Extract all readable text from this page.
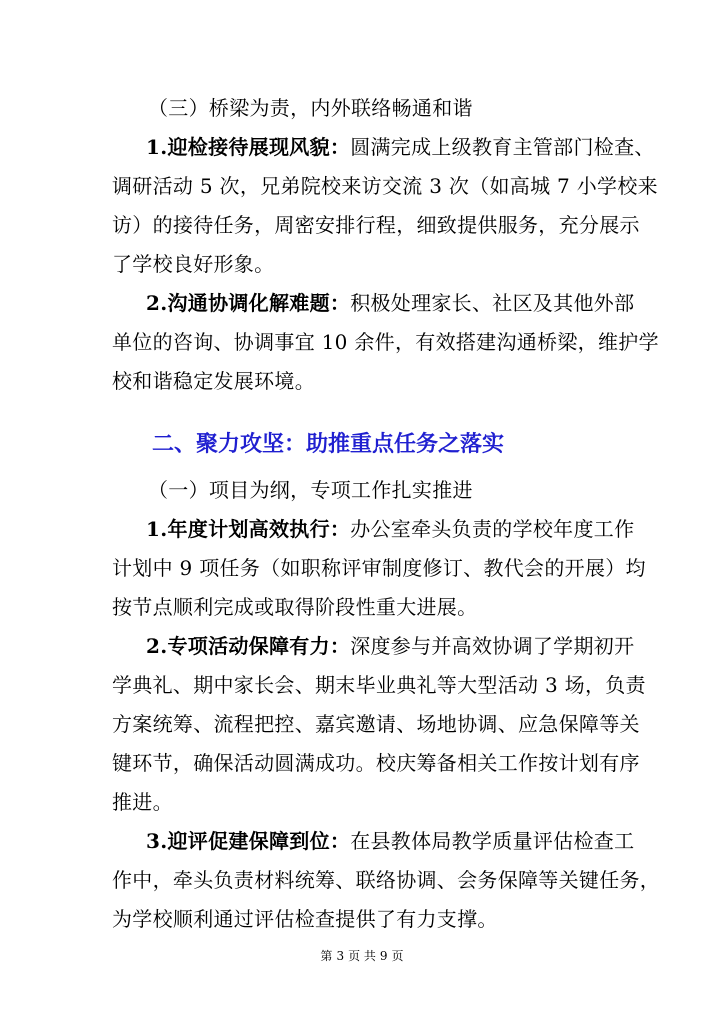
（三）桥梁为责，内外联络畅通和谐
1.迎检接待展现风貌：圆满完成上级教育主管部门检查、
调研活动 5 次，兄弟院校来访交流 3 次（如高城 7 小学校来
访）的接待任务，周密安排行程，细致提供服务，充分展示
了学校良好形象。
2.沟通协调化解难题：积极处理家长、社区及其他外部
单位的咨询、协调事宜 10 余件，有效搭建沟通桥梁，维护学
校和谐稳定发展环境。
二、聚力攻坚：助推重点任务之落实
（一）项目为纲，专项工作扎实推进
1.年度计划高效执行：办公室牵头负责的学校年度工作
计划中 9 项任务（如职称评审制度修订、教代会的开展）均
按节点顺利完成或取得阶段性重大进展。
2.专项活动保障有力：深度参与并高效协调了学期初开
学典礼、期中家长会、期末毕业典礼等大型活动 3 场，负责
方案统筹、流程把控、嘉宾邀请、场地协调、应急保障等关
键环节，确保活动圆满成功。校庆筹备相关工作按计划有序
推进。
3.迎评促建保障到位：在县教体局教学质量评估检查工
作中，牵头负责材料统筹、联络协调、会务保障等关键任务，
为学校顺利通过评估检查提供了有力支撑。
第 3 页 共 9 页
